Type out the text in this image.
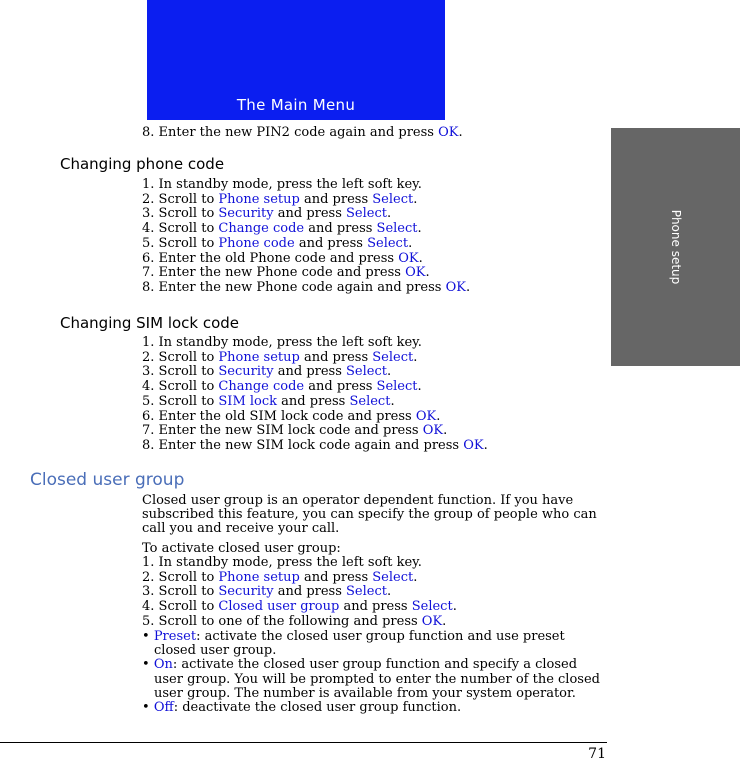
The Main Menu
Phone setup
8. Enter the new PIN2 code again and press OK.
Changing phone code
1. In standby mode, press the left soft key.
2. Scroll to Phone setup and press Select.
3. Scroll to Security and press Select.
4. Scroll to Change code and press Select.
5. Scroll to Phone code and press Select.
6. Enter the old Phone code and press OK.
7. Enter the new Phone code and press OK.
8. Enter the new Phone code again and press OK.
Changing SIM lock code
1. In standby mode, press the left soft key.
2. Scroll to Phone setup and press Select.
3. Scroll to Security and press Select.
4. Scroll to Change code and press Select.
5. Scroll to SIM lock and press Select.
6. Enter the old SIM lock code and press OK.
7. Enter the new SIM lock code and press OK.
8. Enter the new SIM lock code again and press OK.
Closed user group
Closed user group is an operator dependent function. If you have subscribed this feature, you can specify the group of people who can call you and receive your call.
To activate closed user group:
1. In standby mode, press the left soft key.
2. Scroll to Phone setup and press Select.
3. Scroll to Security and press Select.
4. Scroll to Closed user group and press Select.
5. Scroll to one of the following and press OK.
• Preset: activate the closed user group function and use preset closed user group.
• On: activate the closed user group function and specify a closed user group. You will be prompted to enter the number of the closed user group. The number is available from your system operator.
• Off: deactivate the closed user group function.
71
